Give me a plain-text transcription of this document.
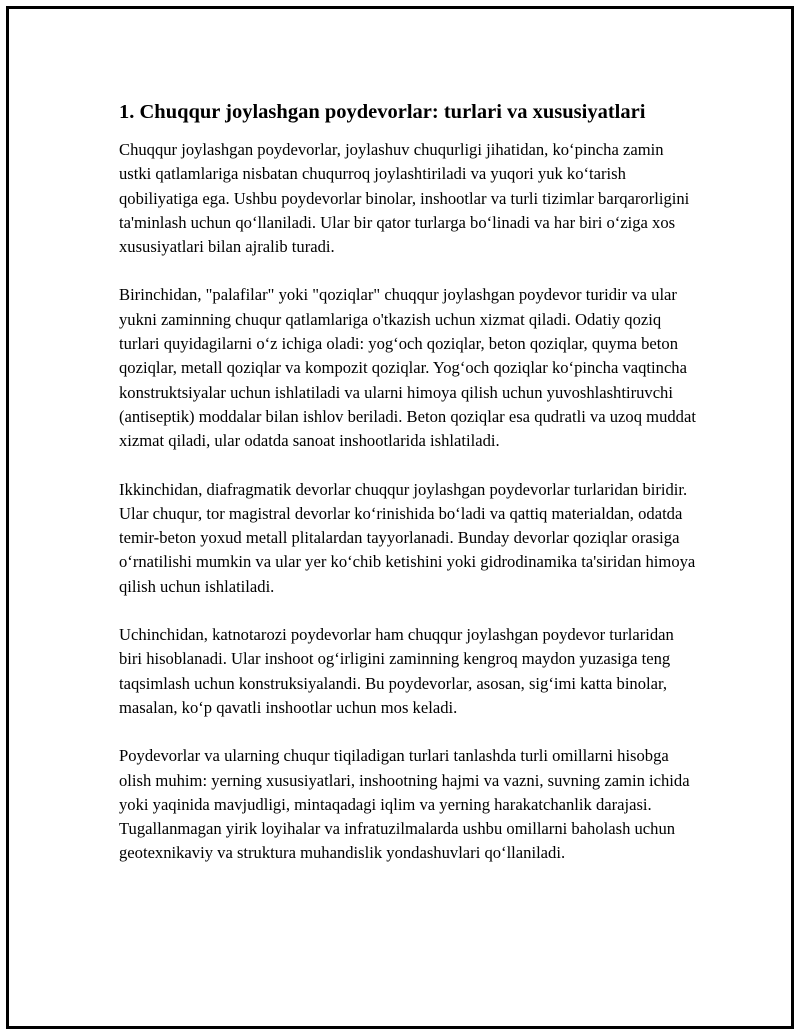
1. Chuqqur joylashgan poydevorlar: turlari va xususiyatlari

Chuqqur joylashgan poydevorlar, joylashuv chuqurligi jihatidan, ko‘pincha zamin ustki qatlamlariga nisbatan chuqurroq joylashtiriladi va yuqori yuk ko‘tarish qobiliyatiga ega. Ushbu poydevorlar binolar, inshootlar va turli tizimlar barqarorligini ta'minlash uchun qo‘llaniladi. Ular bir qator turlarga bo‘linadi va har biri o‘ziga xos xususiyatlari bilan ajralib turadi.

Birinchidan, "palafilar" yoki "qoziqlar" chuqqur joylashgan poydevor turidir va ular yukni zaminning chuqur qatlamlariga o'tkazish uchun xizmat qiladi. Odatiy qoziq turlari quyidagilarni o‘z ichiga oladi: yog‘och qoziqlar, beton qoziqlar, quyma beton qoziqlar, metall qoziqlar va kompozit qoziqlar. Yog‘och qoziqlar ko‘pincha vaqtincha konstruktsiyalar uchun ishlatiladi va ularni himoya qilish uchun yuvoshlashtiruvchi (antiseptik) moddalar bilan ishlov beriladi. Beton qoziqlar esa qudratli va uzoq muddat xizmat qiladi, ular odatda sanoat inshootlarida ishlatiladi.

Ikkinchidan, diafragmatik devorlar chuqqur joylashgan poydevorlar turlaridan biridir. Ular chuqur, tor magistral devorlar ko‘rinishida bo‘ladi va qattiq materialdan, odatda temir-beton yoxud metall plitalardan tayyorlanadi. Bunday devorlar qoziqlar orasiga o‘rnatilishi mumkin va ular yer ko‘chib ketishini yoki gidrodinamika ta'siridan himoya qilish uchun ishlatiladi.

Uchinchidan, katnotarozi poydevorlar ham chuqqur joylashgan poydevor turlaridan biri hisoblanadi. Ular inshoot og‘irligini zaminning kengroq maydon yuzasiga teng taqsimlash uchun konstruksiyalandi. Bu poydevorlar, asosan, sig‘imi katta binolar, masalan, ko‘p qavatli inshootlar uchun mos keladi.

Poydevorlar va ularning chuqur tiqiladigan turlari tanlashda turli omillarni hisobga olish muhim: yerning xususiyatlari, inshootning hajmi va vazni, suvning zamin ichida yoki yaqinida mavjudligi, mintaqadagi iqlim va yerning harakatchanlik darajasi. Tugallanmagan yirik loyihalar va infratuzilmalarda ushbu omillarni baholash uchun geotexnikaviy va struktura muhandislik yondashuvlari qo‘llaniladi.
